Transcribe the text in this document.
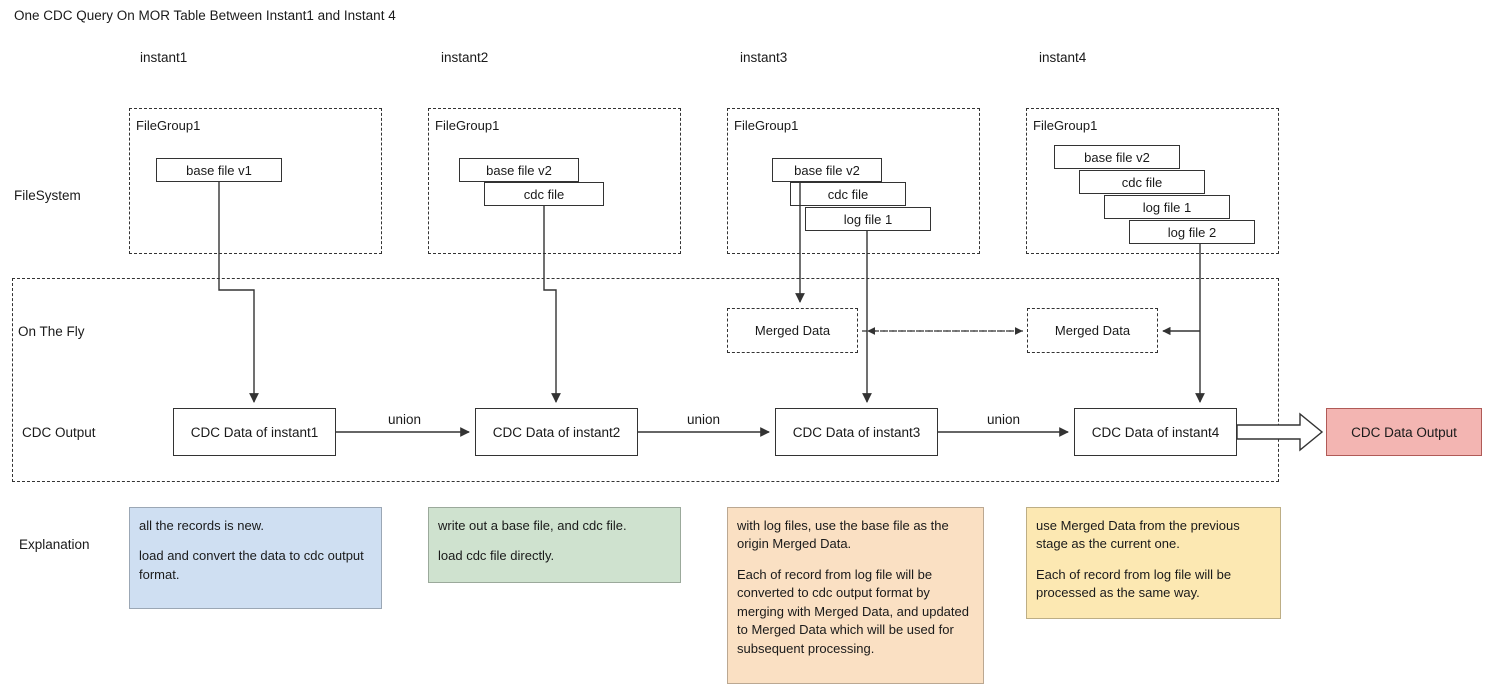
One CDC Query On MOR Table Between Instant1 and Instant 4
instant1	instant2	instant3	instant4
FileSystem
On The Fly
CDC Output
Explanation
FileGroup1
base file v1
FileGroup1
base file v2
cdc file
FileGroup1
base file v2
cdc file
log file 1
FileGroup1
base file v2
cdc file
log file 1
log file 2
Merged Data	Merged Data
CDC Data of instant1	CDC Data of instant2	CDC Data of instant3	CDC Data of instant4
union	union	union
CDC Data Output

all the records is new.

load and convert the data to cdc output format.

write out a base file, and cdc file.

load cdc file directly.

with log files, use the base file as the origin Merged Data.

Each of record from log file will be converted to cdc output format by merging with Merged Data, and updated to Merged Data which will be used for subsequent processing.

use Merged Data from the previous stage as the current one.

Each of record from log file will be processed as the same way.
